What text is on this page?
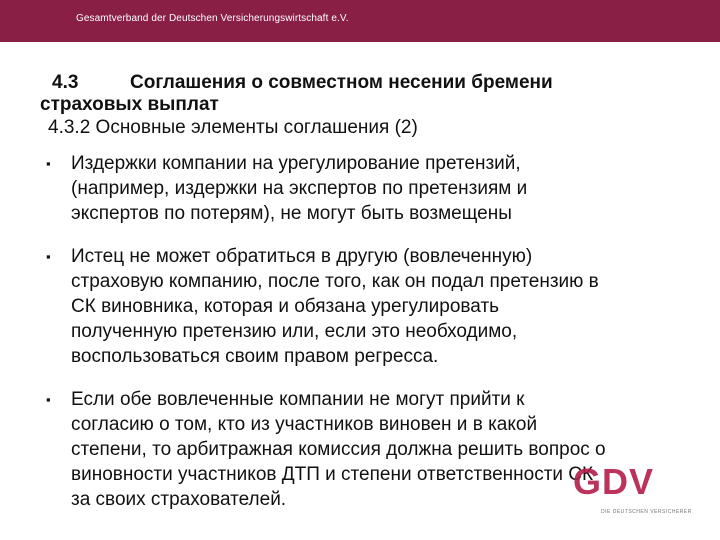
Gesamtverband der Deutschen Versicherungswirtschaft e.V.
4.3	Соглашения о совместном несении бремени
страховых выплат
4.3.2 Основные элементы соглашения (2)
▪ Издержки компании на урегулирование претензий,
(например, издержки на экспертов по претензиям и
экспертов по потерям), не могут быть возмещены
▪ Истец не может обратиться в другую (вовлеченную)
страховую компанию, после того, как он подал претензию в
СК виновника, которая и обязана урегулировать
полученную претензию или, если это необходимо,
воспользоваться своим правом регресса.
▪ Если обе вовлеченные компании не могут прийти к
согласию о том, кто из участников виновен и в какой
степени, то арбитражная комиссия должна решить вопрос о
виновности участников ДТП и степени ответственности СК
за своих страхователей.	GDV
DIE DEUTSCHEN VERSICHERER
